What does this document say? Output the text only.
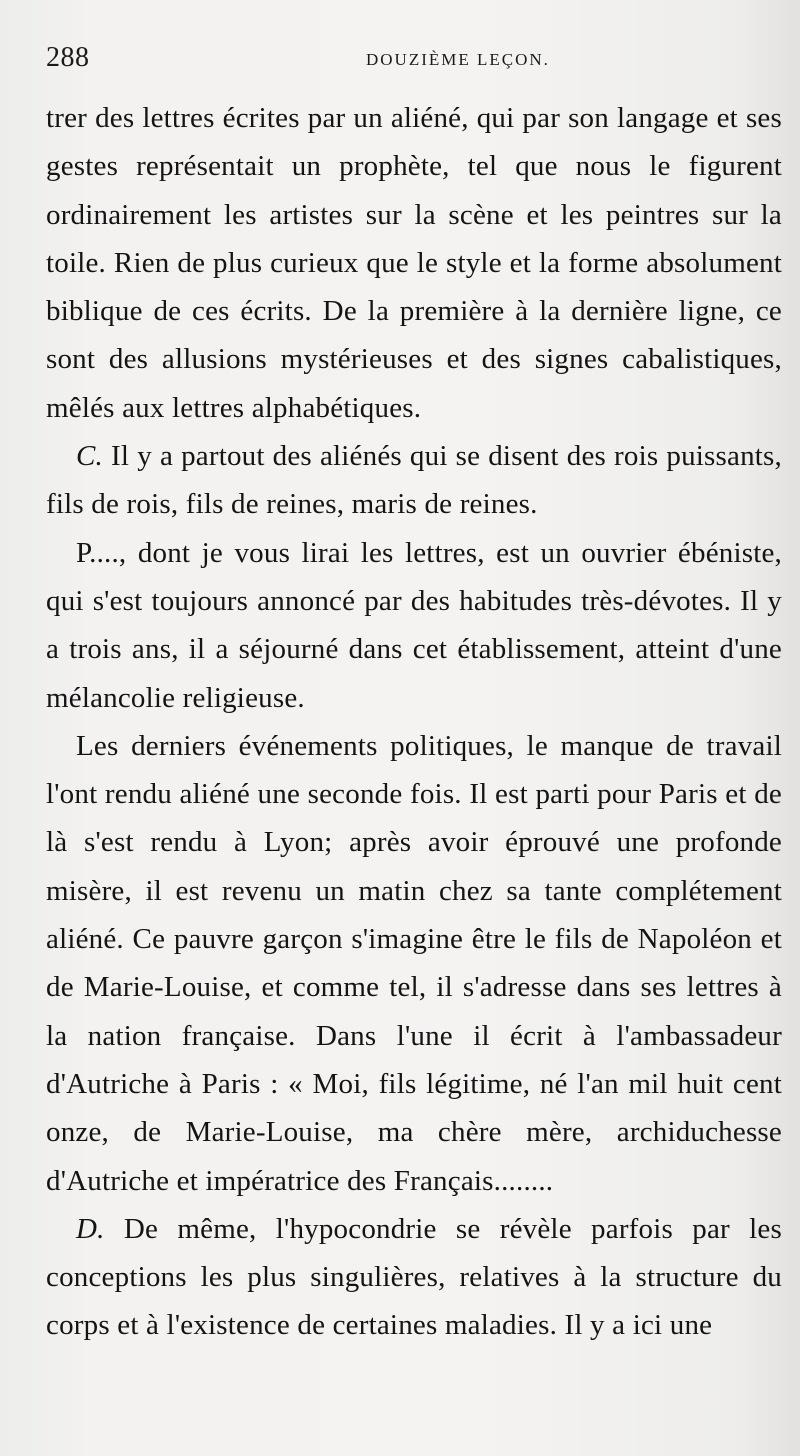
288	DOUZIÈME LEÇON.

trer des lettres écrites par un aliéné, qui par son langage et ses gestes représentait un prophète, tel que nous le figurent ordinairement les artistes sur la scène et les peintres sur la toile. Rien de plus curieux que le style et la forme absolument biblique de ces écrits. De la première à la dernière ligne, ce sont des allusions mystérieuses et des signes cabalistiques, mêlés aux lettres alphabétiques.

C. Il y a partout des aliénés qui se disent des rois puissants, fils de rois, fils de reines, maris de reines.

P...., dont je vous lirai les lettres, est un ouvrier ébéniste, qui s'est toujours annoncé par des habitudes très-dévotes. Il y a trois ans, il a séjourné dans cet établissement, atteint d'une mélancolie religieuse.

Les derniers événements politiques, le manque de travail l'ont rendu aliéné une seconde fois. Il est parti pour Paris et de là s'est rendu à Lyon; après avoir éprouvé une profonde misère, il est revenu un matin chez sa tante complétement aliéné. Ce pauvre garçon s'imagine être le fils de Napoléon et de Marie-Louise, et comme tel, il s'adresse dans ses lettres à la nation française. Dans l'une il écrit à l'ambassadeur d'Autriche à Paris : « Moi, fils légitime, né l'an mil huit cent onze, de Marie-Louise, ma chère mère, archiduchesse d'Autriche et impératrice des Français........

D. De même, l'hypocondrie se révèle parfois par les conceptions les plus singulières, relatives à la structure du corps et à l'existence de certaines maladies. Il y a ici une
